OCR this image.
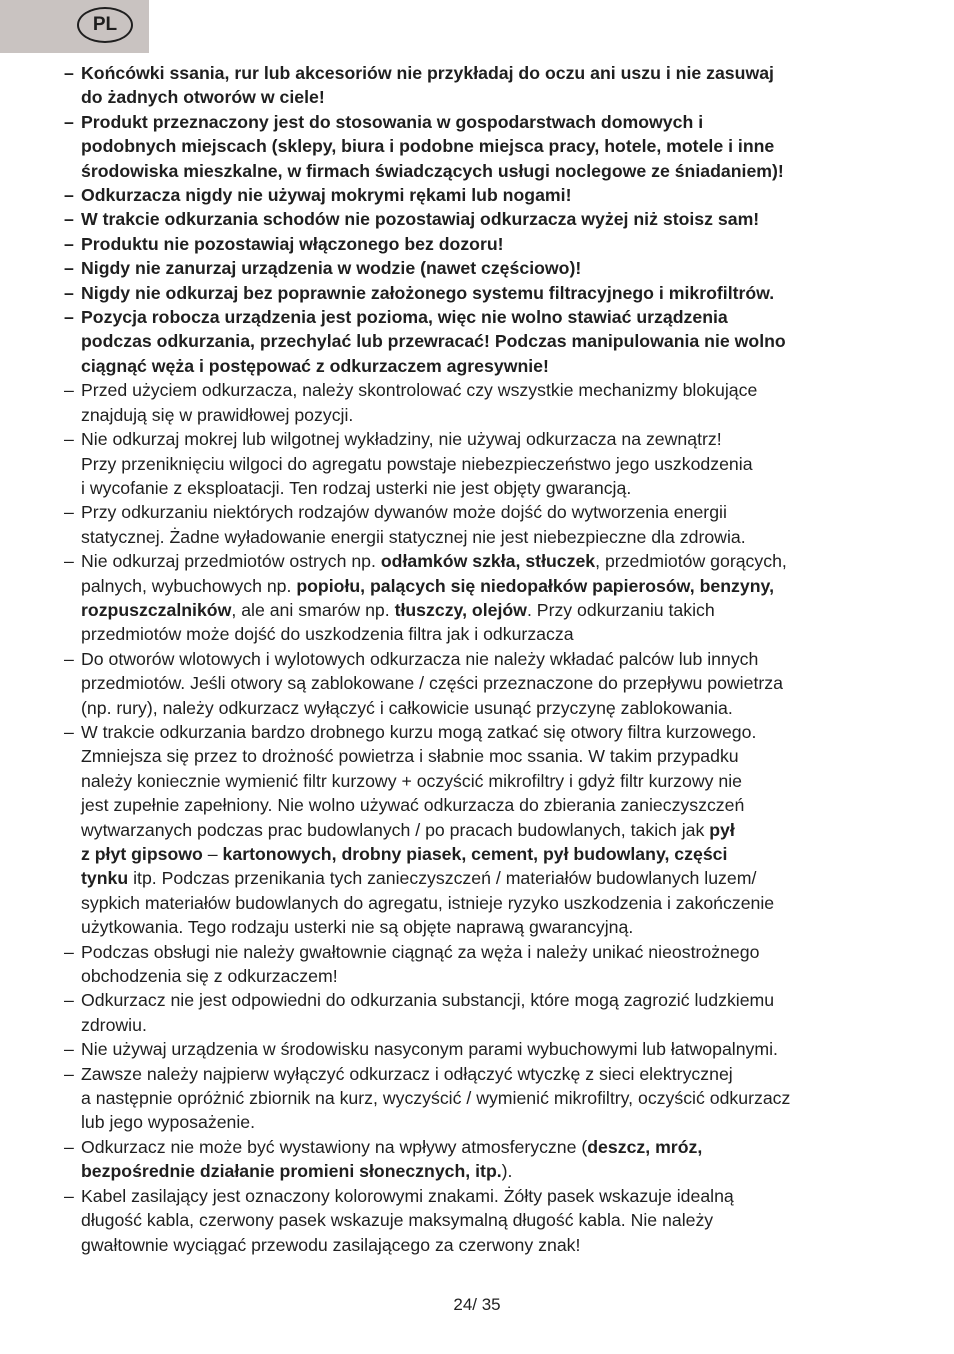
PL
– Końcówki ssania, rur lub akcesoriów nie przykładaj do oczu ani uszu i nie zasuwaj
do żadnych otworów w ciele!
– Produkt przeznaczony jest do stosowania w gospodarstwach domowych i
podobnych miejscach (sklepy, biura i podobne miejsca pracy, hotele, motele i inne
środowiska mieszkalne, w firmach świadczących usługi noclegowe ze śniadaniem)!
– Odkurzacza nigdy nie używaj mokrymi rękami lub nogami!
– W trakcie odkurzania schodów nie pozostawiaj odkurzacza wyżej niż stoisz sam!
– Produktu nie pozostawiaj włączonego bez dozoru!
– Nigdy nie zanurzaj urządzenia w wodzie (nawet częściowo)!
– Nigdy nie odkurzaj bez poprawnie założonego systemu filtracyjnego i mikrofiltrów.
– Pozycja robocza urządzenia jest pozioma, więc nie wolno stawiać urządzenia
podczas odkurzania, przechylać lub przewracać! Podczas manipulowania nie wolno
ciągnąć węża i postępować z odkurzaczem agresywnie!
– Przed użyciem odkurzacza, należy skontrolować czy wszystkie mechanizmy blokujące
znajdują się w prawidłowej pozycji.
– Nie odkurzaj mokrej lub wilgotnej wykładziny, nie używaj odkurzacza na zewnątrz!
Przy przeniknięciu wilgoci do agregatu powstaje niebezpieczeństwo jego uszkodzenia
i wycofanie z eksploatacji. Ten rodzaj usterki nie jest objęty gwarancją.
– Przy odkurzaniu niektórych rodzajów dywanów może dojść do wytworzenia energii
statycznej. Żadne wyładowanie energii statycznej nie jest niebezpieczne dla zdrowia.
– Nie odkurzaj przedmiotów ostrych np. odłamków szkła, stłuczek, przedmiotów gorących,
palnych, wybuchowych np. popiołu, palących się niedopałków papierosów, benzyny,
rozpuszczalników, ale ani smarów np. tłuszczy, olejów. Przy odkurzaniu takich
przedmiotów może dojść do uszkodzenia filtra jak i odkurzacza
– Do otworów wlotowych i wylotowych odkurzacza nie należy wkładać palców lub innych
przedmiotów. Jeśli otwory są zablokowane / części przeznaczone do przepływu powietrza
(np. rury), należy odkurzacz wyłączyć i całkowicie usunąć przyczynę zablokowania.
– W trakcie odkurzania bardzo drobnego kurzu mogą zatkać się otwory filtra kurzowego.
Zmniejsza się przez to drożność powietrza i słabnie moc ssania. W takim przypadku
należy koniecznie wymienić filtr kurzowy + oczyścić mikrofiltry i gdyż filtr kurzowy nie
jest zupełnie zapełniony. Nie wolno używać odkurzacza do zbierania zanieczyszczeń
wytwarzanych podczas prac budowlanych / po pracach budowlanych, takich jak pył
z płyt gipsowo – kartonowych, drobny piasek, cement, pył budowlany, części
tynku itp. Podczas przenikania tych zanieczyszczeń / materiałów budowlanych luzem/
sypkich materiałów budowlanych do agregatu, istnieje ryzyko uszkodzenia i zakończenie
użytkowania. Tego rodzaju usterki nie są objęte naprawą gwarancyjną.
– Podczas obsługi nie należy gwałtownie ciągnąć za węża i należy unikać nieostrożnego
obchodzenia się z odkurzaczem!
– Odkurzacz nie jest odpowiedni do odkurzania substancji, które mogą zagrozić ludzkiemu
zdrowiu.
– Nie używaj urządzenia w środowisku nasyconym parami wybuchowymi lub łatwopalnymi.
– Zawsze należy najpierw wyłączyć odkurzacz i odłączyć wtyczkę z sieci elektrycznej
a następnie opróżnić zbiornik na kurz, wyczyścić / wymienić mikrofiltry, oczyścić odkurzacz
lub jego wyposażenie.
– Odkurzacz nie może być wystawiony na wpływy atmosferyczne (deszcz, mróz,
bezpośrednie działanie promieni słonecznych, itp.).
– Kabel zasilający jest oznaczony kolorowymi znakami. Żółty pasek wskazuje idealną
długość kabla, czerwony pasek wskazuje maksymalną długość kabla. Nie należy
gwałtownie wyciągać przewodu zasilającego za czerwony znak!
24/ 35
